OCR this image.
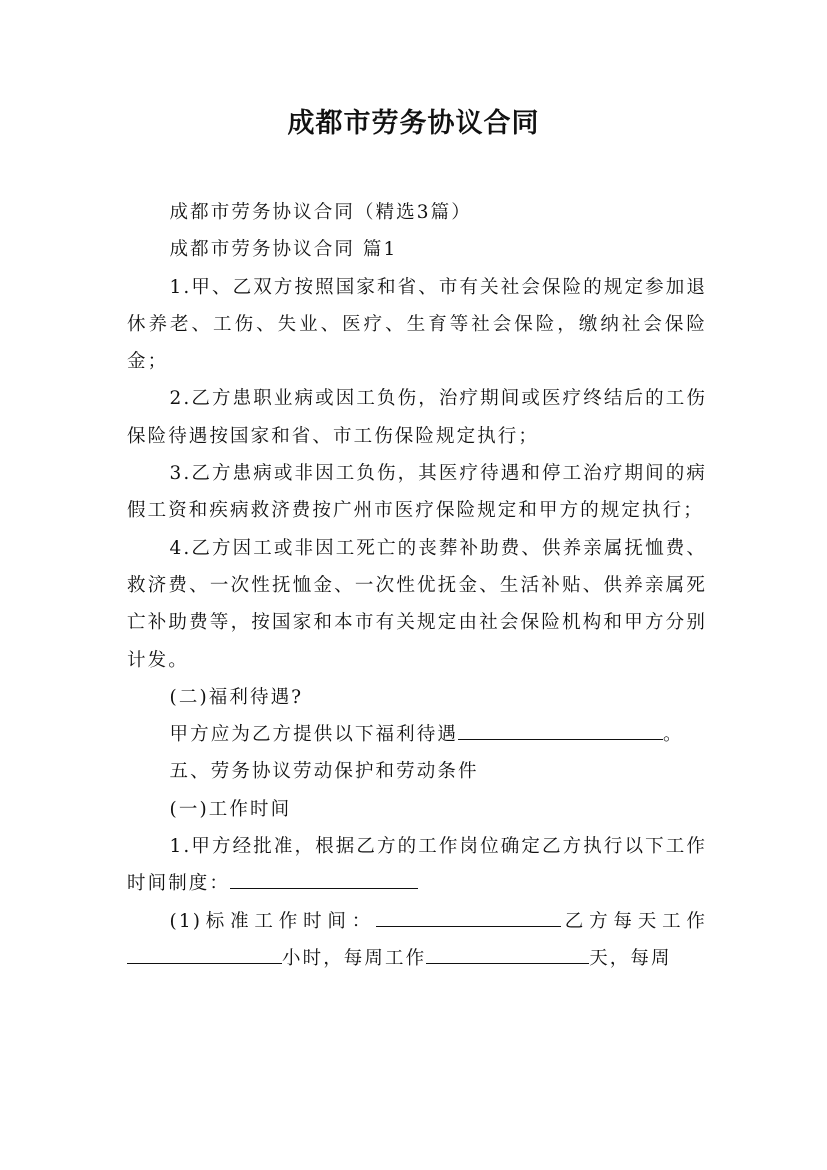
成都市劳务协议合同

成都市劳务协议合同（精选3篇）

成都市劳务协议合同 篇1

1.甲、乙双方按照国家和省、市有关社会保险的规定参加退休养老、工伤、失业、医疗、生育等社会保险，缴纳社会保险金；

2.乙方患职业病或因工负伤，治疗期间或医疗终结后的工伤保险待遇按国家和省、市工伤保险规定执行；

3.乙方患病或非因工负伤，其医疗待遇和停工治疗期间的病假工资和疾病救济费按广州市医疗保险规定和甲方的规定执行；

4.乙方因工或非因工死亡的丧葬补助费、供养亲属抚恤费、救济费、一次性抚恤金、一次性优抚金、生活补贴、供养亲属死亡补助费等，按国家和本市有关规定由社会保险机构和甲方分别计发。

(二)福利待遇?

甲方应为乙方提供以下福利待遇	。

五、劳务协议劳动保护和劳动条件

(一)工作时间

1.甲方经批准，根据乙方的工作岗位确定乙方执行以下工作时间制度：

(1)标准工作时间：	乙方每天工作小时，每周工作	天，每周
